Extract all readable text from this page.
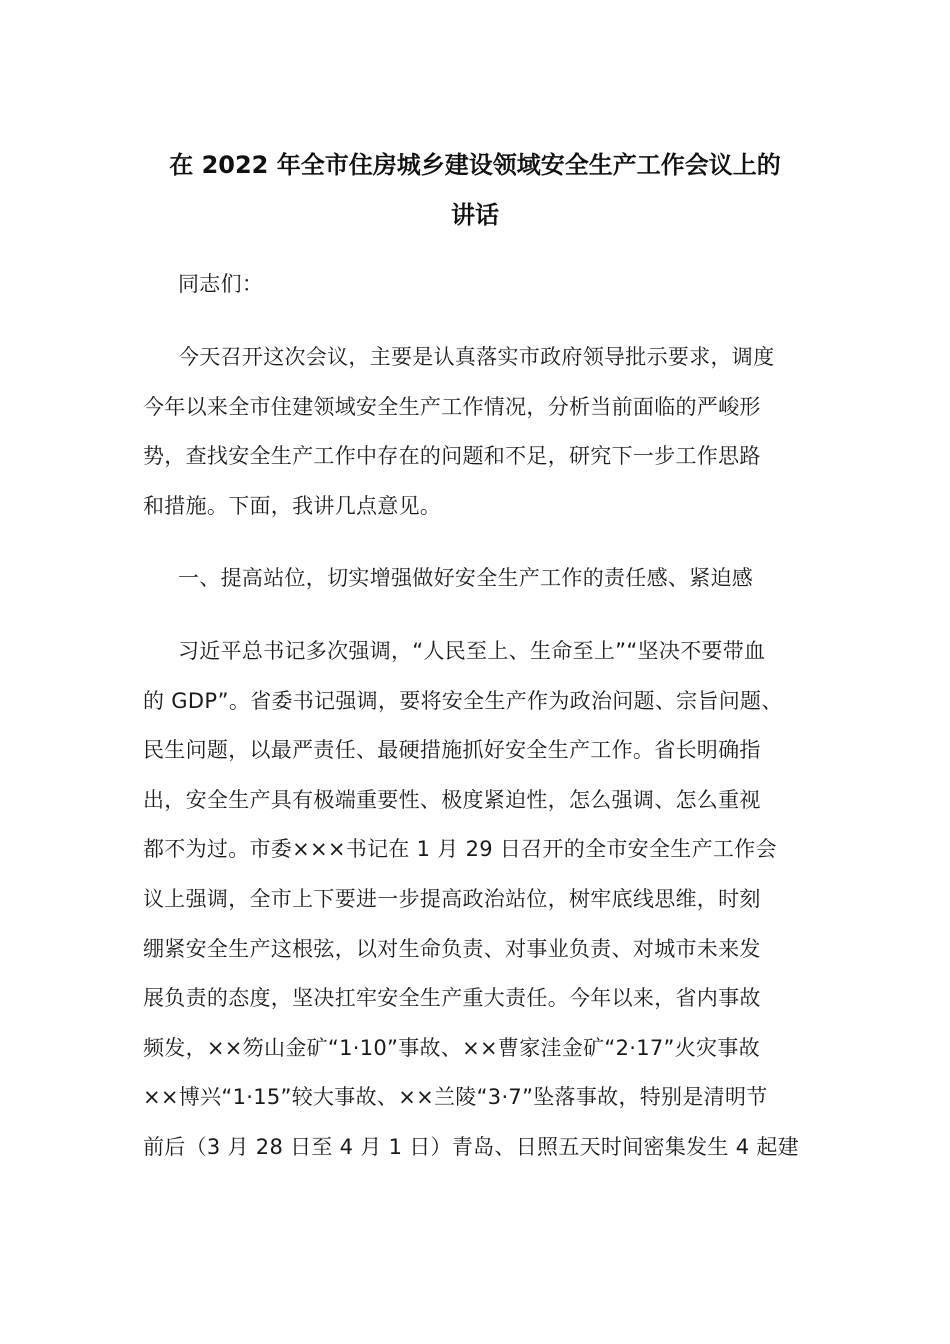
在 2022 年全市住房城乡建设领域安全生产工作会议上的
讲话
同志们：
今天召开这次会议，主要是认真落实市政府领导批示要求，调度
今年以来全市住建领域安全生产工作情况，分析当前面临的严峻形
势，查找安全生产工作中存在的问题和不足，研究下一步工作思路
和措施。下面，我讲几点意见。
一、提高站位，切实增强做好安全生产工作的责任感、紧迫感
习近平总书记多次强调，“人民至上、生命至上”“坚决不要带血
的 GDP”。省委书记强调，要将安全生产作为政治问题、宗旨问题、
民生问题，以最严责任、最硬措施抓好安全生产工作。省长明确指
出，安全生产具有极端重要性、极度紧迫性，怎么强调、怎么重视
都不为过。市委×××书记在 1 月 29 日召开的全市安全生产工作会
议上强调，全市上下要进一步提高政治站位，树牢底线思维，时刻
绷紧安全生产这根弦，以对生命负责、对事业负责、对城市未来发
展负责的态度，坚决扛牢安全生产重大责任。今年以来，省内事故
频发，××笏山金矿“1·10”事故、××曹家洼金矿“2·17”火灾事故
××博兴“1·15”较大事故、××兰陵“3·7”坠落事故，特别是清明节
前后（3 月 28 日至 4 月 1 日）青岛、日照五天时间密集发生 4 起建
